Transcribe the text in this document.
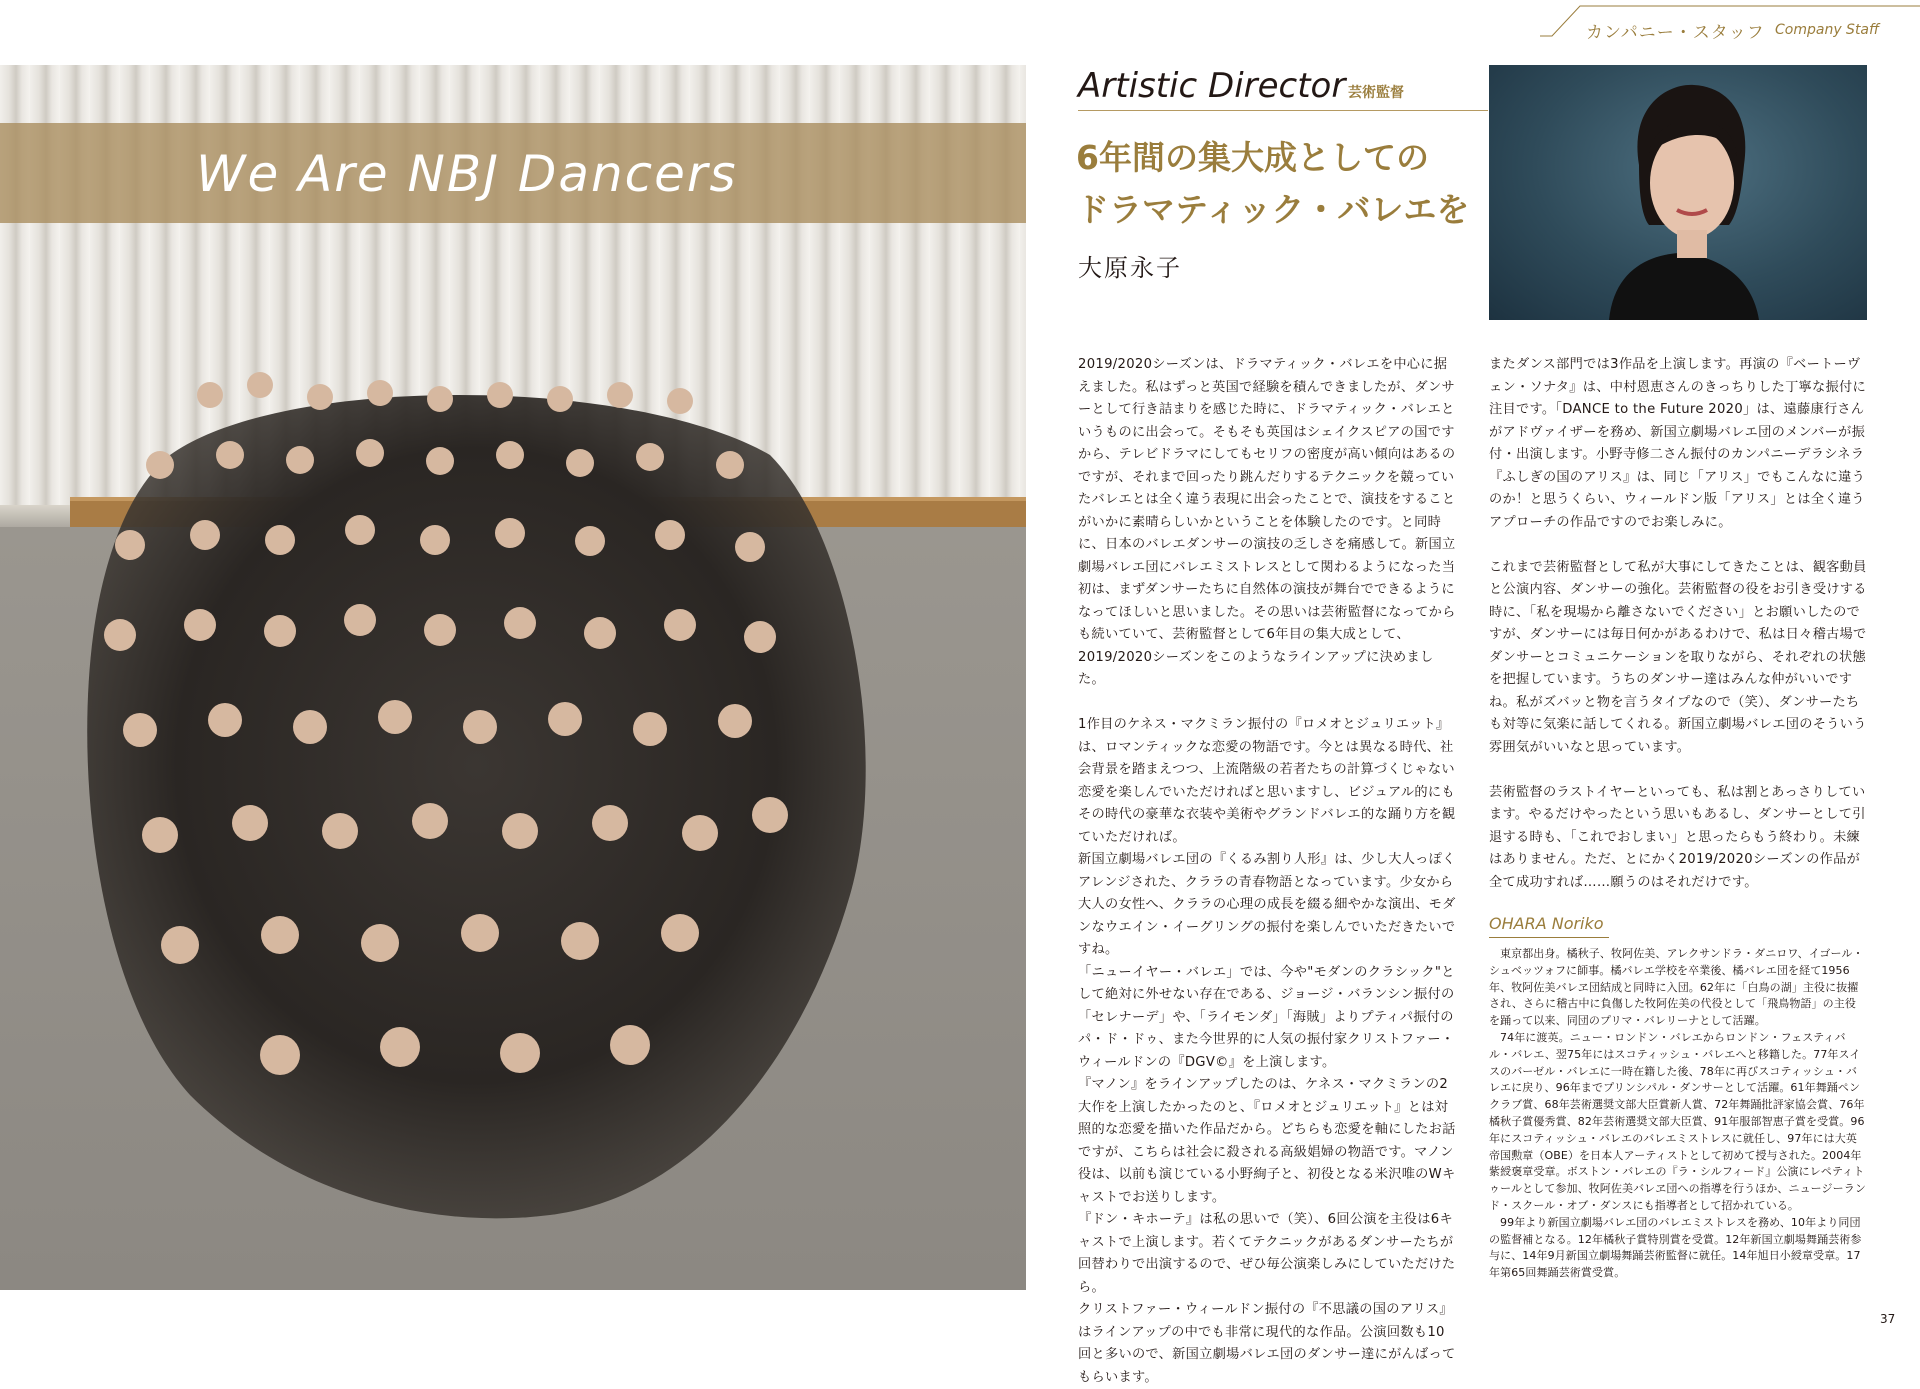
カンパニー・スタッフ Company Staff
We Are NBJ Dancers
Artistic Director 芸術監督
6年間の集大成としての
ドラマティック・バレエを
大原永子

2019/2020シーズンは、ドラマティック・バレエを中心に据えました。私はずっと英国で経験を積んできましたが、ダンサーとして行き詰まりを感じた時に、ドラマティック・バレエというものに出会って。そもそも英国はシェイクスピアの国ですから、テレビドラマにしてもセリフの密度が高い傾向はあるのですが、それまで回ったり跳んだりするテクニックを競っていたバレエとは全く違う表現に出会ったことで、演技をすることがいかに素晴らしいかということを体験したのです。と同時に、日本のバレエダンサーの演技の乏しさを痛感して。新国立劇場バレエ団にバレエミストレスとして関わるようになった当初は、まずダンサーたちに自然体の演技が舞台でできるようになってほしいと思いました。その思いは芸術監督になってからも続いていて、芸術監督として6年目の集大成として、2019/2020シーズンをこのようなラインアップに決めました。

1作目のケネス・マクミラン振付の『ロメオとジュリエット』は、ロマンティックな恋愛の物語です。今とは異なる時代、社会背景を踏まえつつ、上流階級の若者たちの計算づくじゃない恋愛を楽しんでいただければと思いますし、ビジュアル的にもその時代の豪華な衣装や美術やグランドバレエ的な踊り方を観ていただければ。

新国立劇場バレエ団の『くるみ割り人形』は、少し大人っぽくアレンジされた、クララの青春物語となっています。少女から大人の女性へ、クララの心理の成長を綴る細やかな演出、モダンなウエイン・イーグリングの振付を楽しんでいただきたいですね。

「ニューイヤー・バレエ」では、今や"モダンのクラシック"として絶対に外せない存在である、ジョージ・バランシン振付の「セレナーデ」や、「ライモンダ」「海賊」よりプティパ振付のパ・ド・ドゥ、また今世界的に人気の振付家クリストファー・ウィールドンの『DGV©』を上演します。

『マノン』をラインアップしたのは、ケネス・マクミランの2大作を上演したかったのと、『ロメオとジュリエット』とは対照的な恋愛を描いた作品だから。どちらも恋愛を軸にしたお話ですが、こちらは社会に殺される高級娼婦の物語です。マノン役は、以前も演じている小野絢子と、初役となる米沢唯のWキャストでお送りします。

『ドン・キホーテ』は私の思いで（笑）、6回公演を主役は6キャストで上演します。若くてテクニックがあるダンサーたちが回替わりで出演するので、ぜひ毎公演楽しみにしていただけたら。

クリストファー・ウィールドン振付の『不思議の国のアリス』はラインアップの中でも非常に現代的な作品。公演回数も10回と多いので、新国立劇場バレエ団のダンサー達にがんばってもらいます。

またダンス部門では3作品を上演します。再演の『ベートーヴェン・ソナタ』は、中村恩恵さんのきっちりした丁寧な振付に注目です。「DANCE to the Future 2020」は、遠藤康行さんがアドヴァイザーを務め、新国立劇場バレエ団のメンバーが振付・出演します。小野寺修二さん振付のカンパニーデラシネラ『ふしぎの国のアリス』は、同じ「アリス」でもこんなに違うのか！と思うくらい、ウィールドン版「アリス」とは全く違うアプローチの作品ですのでお楽しみに。

これまで芸術監督として私が大事にしてきたことは、観客動員と公演内容、ダンサーの強化。芸術監督の役をお引き受けする時に、「私を現場から離さないでください」とお願いしたのですが、ダンサーには毎日何かがあるわけで、私は日々稽古場でダンサーとコミュニケーションを取りながら、それぞれの状態を把握しています。うちのダンサー達はみんな仲がいいですね。私がズバッと物を言うタイプなので（笑）、ダンサーたちも対等に気楽に話してくれる。新国立劇場バレエ団のそういう雰囲気がいいなと思っています。

芸術監督のラストイヤーといっても、私は割とあっさりしています。やるだけやったという思いもあるし、ダンサーとして引退する時も、「これでおしまい」と思ったらもう終わり。未練はありません。ただ、とにかく2019/2020シーズンの作品が全て成功すれば……願うのはそれだけです。

OHARA Noriko

東京都出身。橘秋子、牧阿佐美、アレクサンドラ・ダニロワ、イゴール・シュベッツォフに師事。橘バレエ学校を卒業後、橘バレエ団を経て1956年、牧阿佐美バレヱ団結成と同時に入団。62年に「白鳥の湖」主役に抜擢され、さらに稽古中に負傷した牧阿佐美の代役として「飛鳥物語」の主役を踊って以来、同団のプリマ・バレリーナとして活躍。

74年に渡英。ニュー・ロンドン・バレエからロンドン・フェスティバル・バレエ、翌75年にはスコティッシュ・バレエへと移籍した。77年スイスのバーゼル・バレエに一時在籍した後、78年に再びスコティッシュ・バレエに戻り、96年までプリンシパル・ダンサーとして活躍。61年舞踊ペンクラブ賞、68年芸術選奨文部大臣賞新人賞、72年舞踊批評家協会賞、76年橘秋子賞優秀賞、82年芸術選奨文部大臣賞、91年服部智恵子賞を受賞。96年にスコティッシュ・バレエのバレエミストレスに就任し、97年には大英帝国勲章（OBE）を日本人アーティストとして初めて授与された。2004年紫綬褒章受章。ボストン・バレエの『ラ・シルフィード』公演にレペティトゥールとして参加、牧阿佐美バレヱ団への指導を行うほか、ニュージーランド・スクール・オブ・ダンスにも指導者として招かれている。

99年より新国立劇場バレエ団のバレエミストレスを務め、10年より同団の監督補となる。12年橘秋子賞特別賞を受賞。12年新国立劇場舞踊芸術参与に、14年9月新国立劇場舞踊芸術監督に就任。14年旭日小綬章受章。17年第65回舞踊芸術賞受賞。

37
